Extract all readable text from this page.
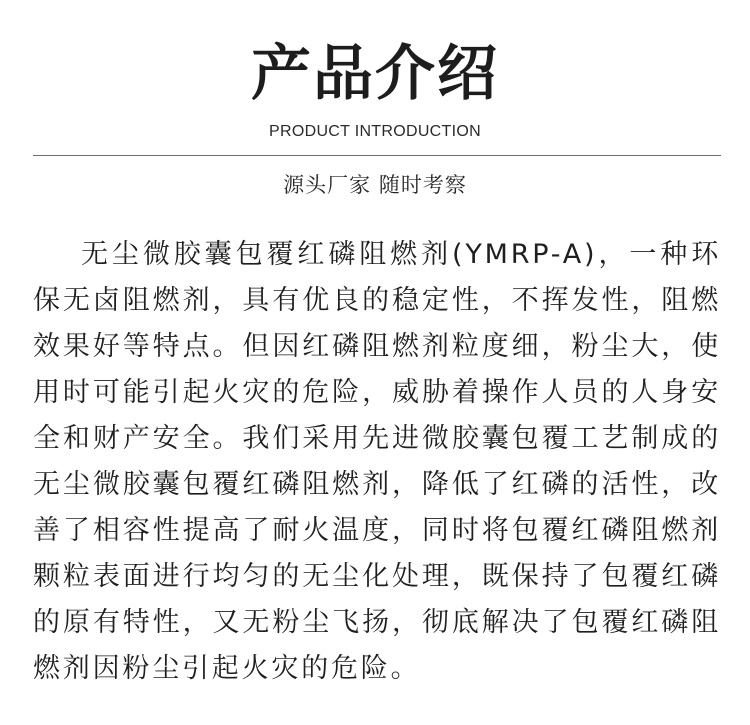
产品介绍
PRODUCT INTRODUCTION
源头厂家 随时考察

无尘微胶囊包覆红磷阻燃剂(YMRP-A)，一种环保无卤阻燃剂，具有优良的稳定性，不挥发性，阻燃效果好等特点。但因红磷阻燃剂粒度细，粉尘大，使用时可能引起火灾的危险，威胁着操作人员的人身安全和财产安全。我们采用先进微胶囊包覆工艺制成的无尘微胶囊包覆红磷阻燃剂，降低了红磷的活性，改善了相容性提高了耐火温度，同时将包覆红磷阻燃剂颗粒表面进行均匀的无尘化处理，既保持了包覆红磷的原有特性，又无粉尘飞扬，彻底解决了包覆红磷阻燃剂因粉尘引起火灾的危险。
